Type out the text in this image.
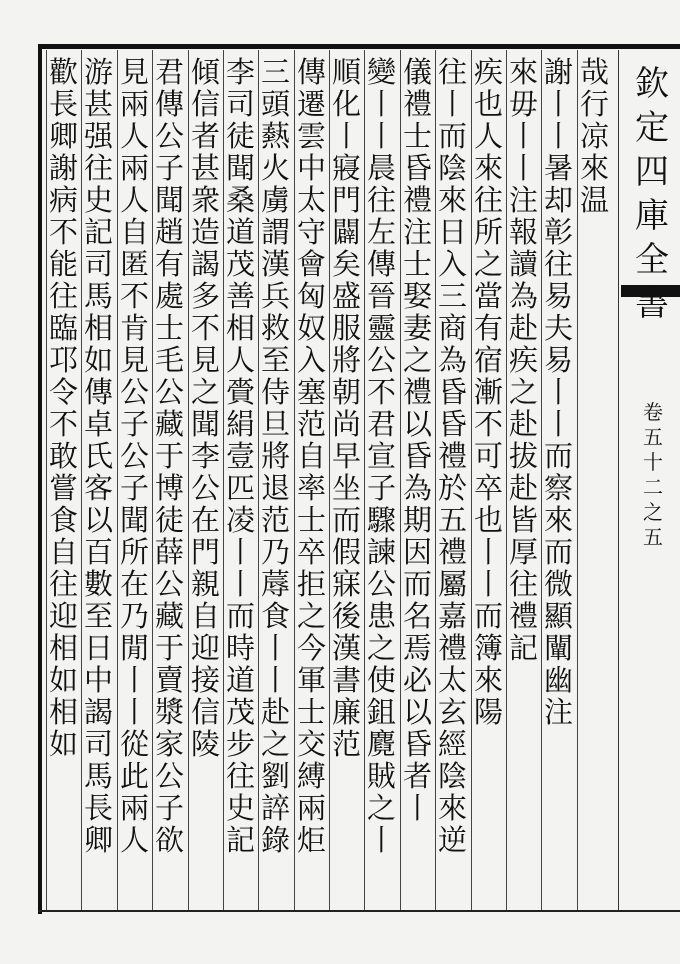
欽
定
四
庫
全
書
卷
五
十
二
之
五
哉
行
凉
來
温
謝
丨
丨
暑
却
彰
往
易
夫
易
丨
丨
而
察
來
而
微
顯
闡
幽
注
來
毋
丨
丨
注
報
讀
為
赴
疾
之
赴
拔
赴
皆
厚
往
禮
記
疾
也
人
來
往
所
之
當
有
宿
漸
不
可
卒
也
丨
丨
而
簿
來
陽
往
丨
而
陰
來
日
入
三
商
為
昏
昏
禮
於
五
禮
屬
嘉
禮
太
玄
經
陰
來
逆
儀
禮
士
昏
禮
注
士
娶
妻
之
禮
以
昏
為
期
因
而
名
焉
必
以
昏
者
丨
變
丨
丨
晨
往
左
傳
晉
靈
公
不
君
宣
子
驟
諫
公
患
之
使
鉏
麑
賊
之
丨
順
化
丨
寢
門
闢
矣
盛
服
將
朝
尚
早
坐
而
假
寐
後
漢
書
廉
范
傳
遷
雲
中
太
守
會
匈
奴
入
塞
范
自
率
士
卒
拒
之
今
軍
士
交
縛
兩
炬
三
頭
爇
火
虜
謂
漢
兵
救
至
侍
旦
將
退
范
乃
蓐
食
丨
丨
赴
之
劉
誶
錄
李
司
徒
聞
桑
道
茂
善
相
人
賫
絹
壹
匹
凌
丨
丨
而
時
道
茂
步
往
史
記
傾
信
者
甚
衆
造
謁
多
不
見
之
聞
李
公
在
門
親
自
迎
接
信
陵
君
傳
公
子
聞
趙
有
處
士
毛
公
藏
于
博
徒
薛
公
藏
于
賣
漿
家
公
子
欲
見
兩
人
兩
人
自
匿
不
肯
見
公
子
公
子
聞
所
在
乃
閒
丨
丨
從
此
兩
人
游
甚
强
往
史
記
司
馬
相
如
傳
卓
氏
客
以
百
數
至
日
中
謁
司
馬
長
卿
歡
長
卿
謝
病
不
能
往
臨
邛
令
不
敢
嘗
食
自
往
迎
相
如
相
如
